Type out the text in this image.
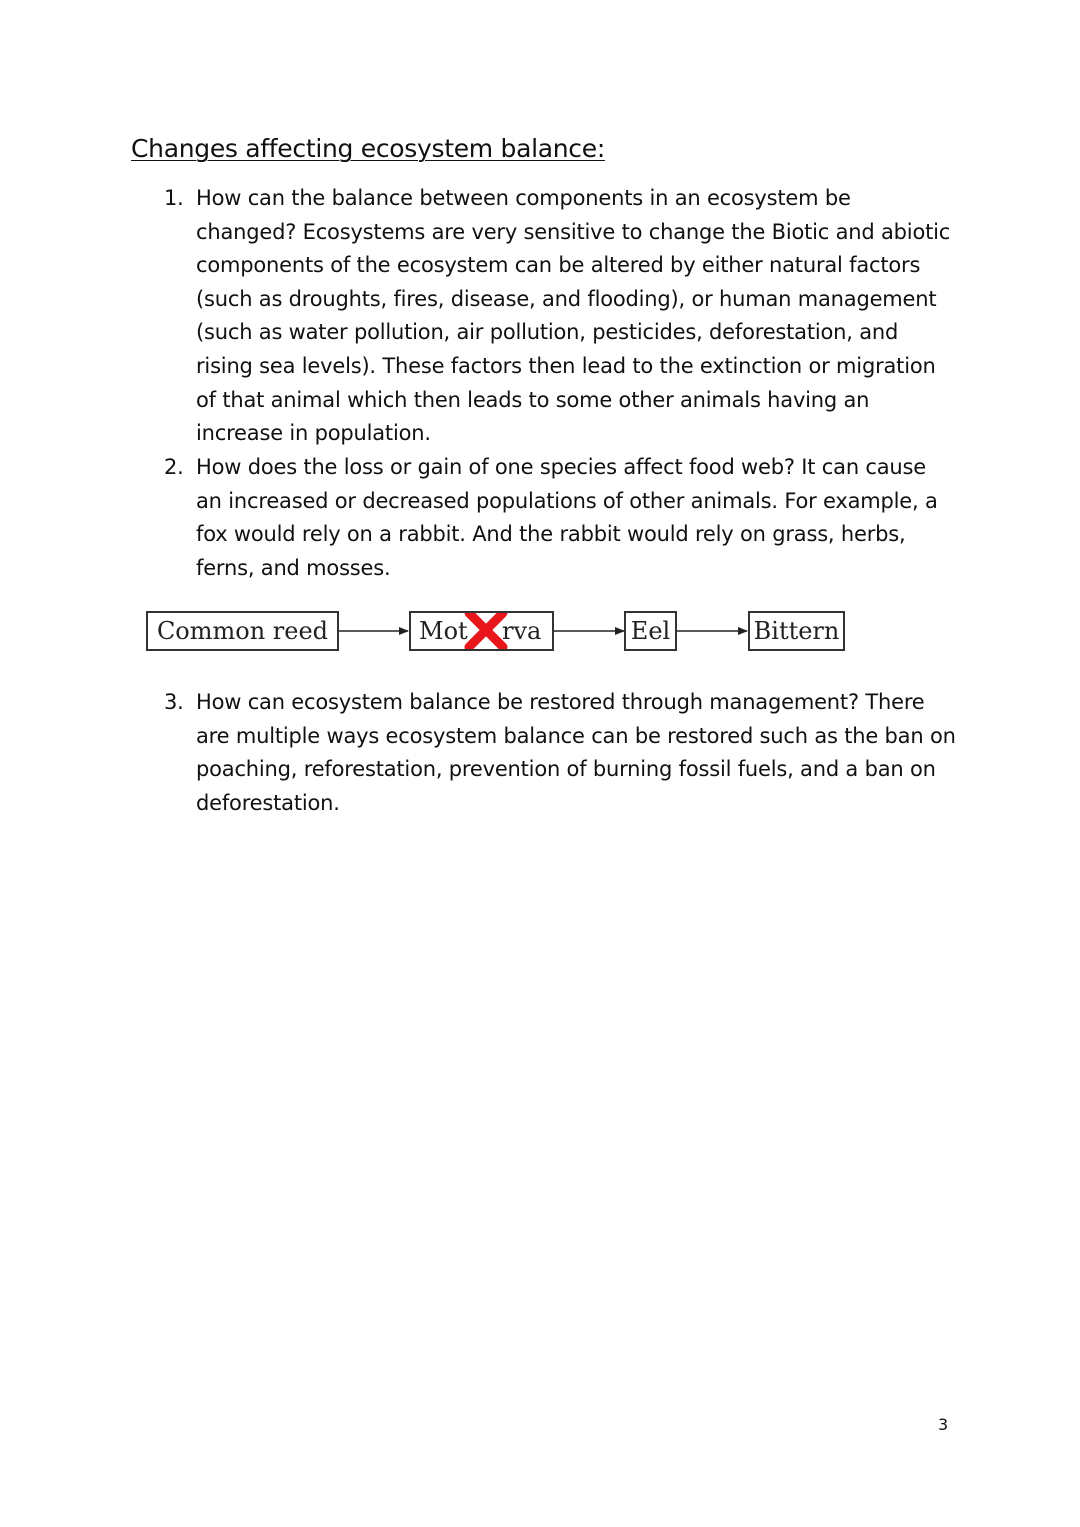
Changes affecting ecosystem balance:
1. How can the balance between components in an ecosystem be
changed? Ecosystems are very sensitive to change the Biotic and abiotic
components of the ecosystem can be altered by either natural factors
(such as droughts, fires, disease, and flooding), or human management
(such as water pollution, air pollution, pesticides, deforestation, and
rising sea levels). These factors then lead to the extinction or migration
of that animal which then leads to some other animals having an
increase in population.
2. How does the loss or gain of one species affect food web? It can cause
an increased or decreased populations of other animals. For example, a
fox would rely on a rabbit. And the rabbit would rely on grass, herbs,
ferns, and mosses.
Common reed	Mot rva	Eel	Bittern
3. How can ecosystem balance be restored through management? There
are multiple ways ecosystem balance can be restored such as the ban on
poaching, reforestation, prevention of burning fossil fuels, and a ban on
deforestation.
3
